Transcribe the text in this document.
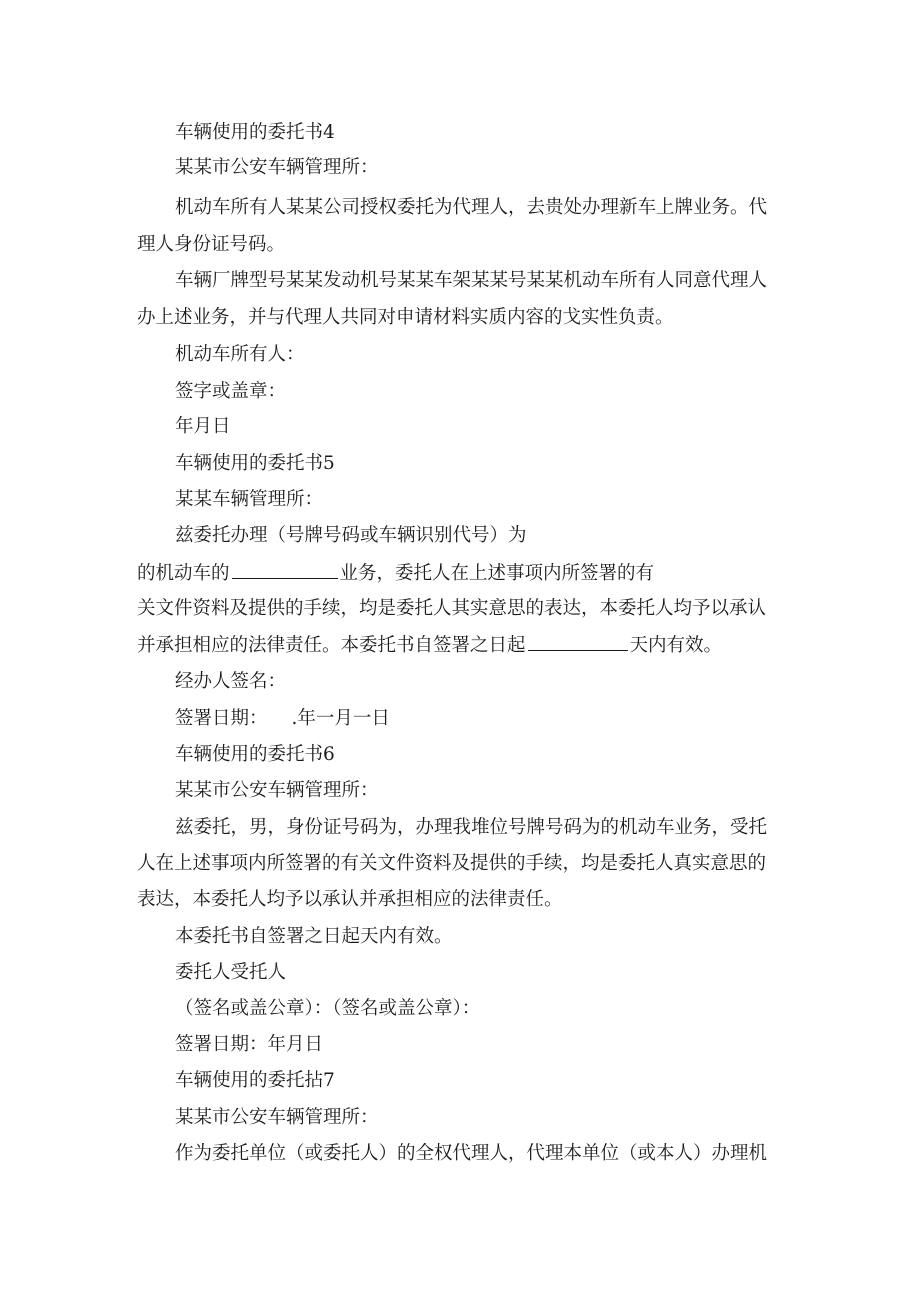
车辆使用的委托书4
某某市公安车辆管理所：
机动车所有人某某公司授权委托为代理人，去贵处办理新车上牌业务。代
理人身份证号码。
车辆厂牌型号某某发动机号某某车架某某号某某机动车所有人同意代理人
办上述业务，并与代理人共同对申请材料实质内容的戈实性负责。
机动车所有人：
签字或盖章：
年月日
车辆使用的委托书5
某某车辆管理所：
兹委托办理（号牌号码或车辆识别代号）为
的机动车的	业务，委托人在上述事项内所签署的有
关文件资料及提供的手续，均是委托人其实意思的表达，本委托人均予以承认
并承担相应的法律责任。本委托书自签署之日起	天内有效。
经办人签名：
签署日期： .年一月一日
车辆使用的委托书6
某某市公安车辆管理所：
兹委托，男，身份证号码为，办理我堆位号牌号码为的机动车业务，受托
人在上述事项内所签署的有关文件资料及提供的手续，均是委托人真实意思的
表达，本委托人均予以承认并承担相应的法律责任。
本委托书自签署之日起天内有效。
委托人受托人
（签名或盖公章）：（签名或盖公章）：
签署日期：年月日
车辆使用的委托拈7
某某市公安车辆管理所：
作为委托单位（或委托人）的全权代理人，代理本单位（或本人）办理机
